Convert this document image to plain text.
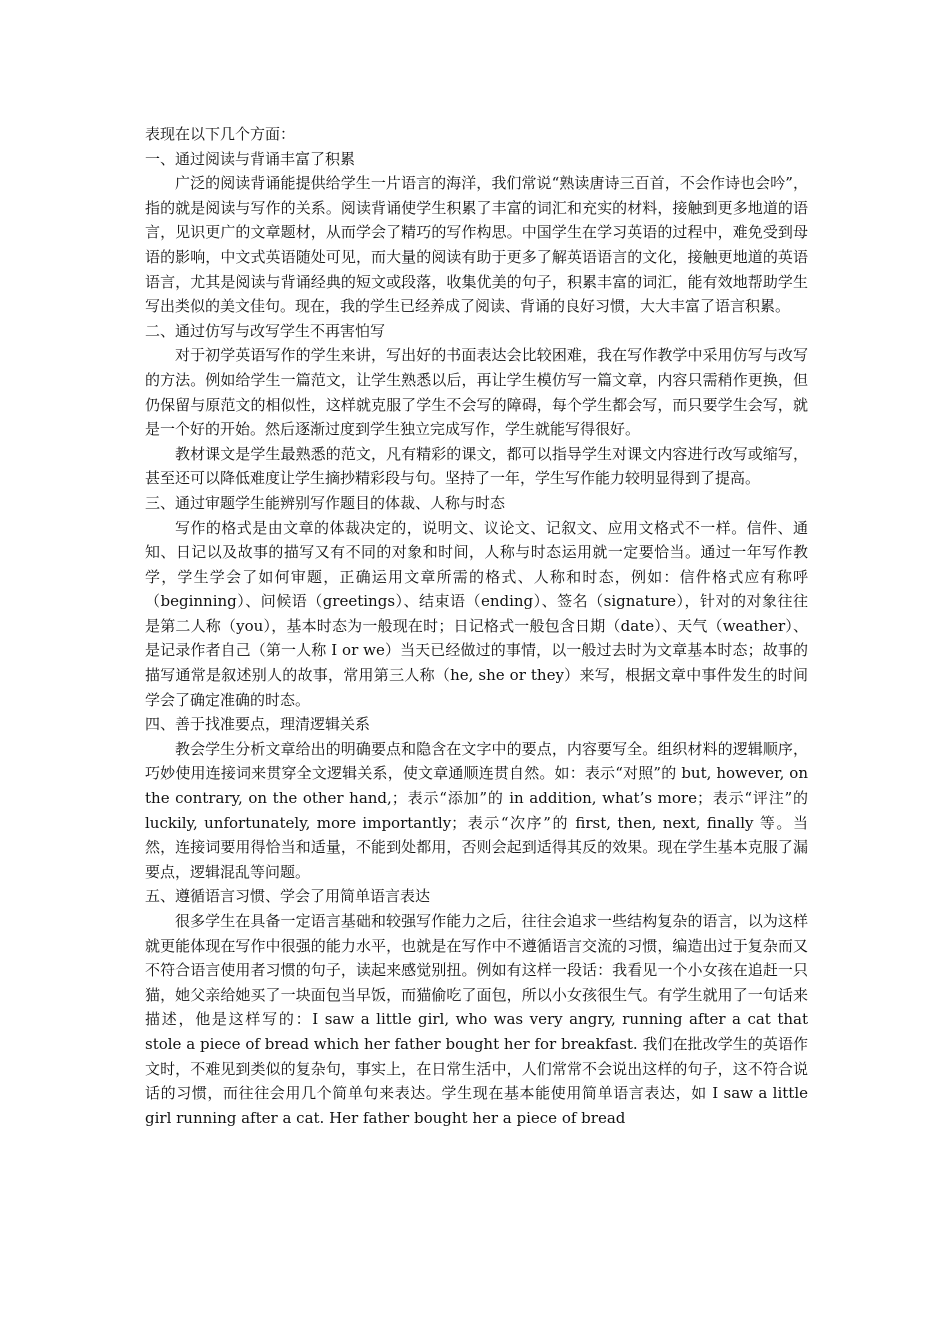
表现在以下几个方面：

一、通过阅读与背诵丰富了积累

广泛的阅读背诵能提供给学生一片语言的海洋，我们常说“熟读唐诗三百首，不会作诗也会吟”，指的就是阅读与写作的关系。阅读背诵使学生积累了丰富的词汇和充实的材料，接触到更多地道的语言，见识更广的文章题材，从而学会了精巧的写作构思。中国学生在学习英语的过程中，难免受到母语的影响，中文式英语随处可见，而大量的阅读有助于更多了解英语语言的文化，接触更地道的英语语言，尤其是阅读与背诵经典的短文或段落，收集优美的句子，积累丰富的词汇，能有效地帮助学生写出类似的美文佳句。现在，我的学生已经养成了阅读、背诵的良好习惯，大大丰富了语言积累。

二、通过仿写与改写学生不再害怕写

对于初学英语写作的学生来讲，写出好的书面表达会比较困难，我在写作教学中采用仿写与改写的方法。例如给学生一篇范文，让学生熟悉以后，再让学生模仿写一篇文章，内容只需稍作更换，但仍保留与原范文的相似性，这样就克服了学生不会写的障碍，每个学生都会写，而只要学生会写，就是一个好的开始。然后逐渐过度到学生独立完成写作，学生就能写得很好。

教材课文是学生最熟悉的范文，凡有精彩的课文，都可以指导学生对课文内容进行改写或缩写，甚至还可以降低难度让学生摘抄精彩段与句。坚持了一年，学生写作能力较明显得到了提高。

三、通过审题学生能辨别写作题目的体裁、人称与时态

写作的格式是由文章的体裁决定的，说明文、议论文、记叙文、应用文格式不一样。信件、通知、日记以及故事的描写又有不同的对象和时间，人称与时态运用就一定要恰当。通过一年写作教学，学生学会了如何审题，正确运用文章所需的格式、人称和时态，例如：信件格式应有称呼（beginning）、问候语（greetings）、结束语（ending）、签名（signature），针对的对象往往是第二人称（you），基本时态为一般现在时；日记格式一般包含日期（date）、天气（weather）、是记录作者自己（第一人称 I or we）当天已经做过的事情，以一般过去时为文章基本时态；故事的描写通常是叙述别人的故事，常用第三人称（he, she or they）来写，根据文章中事件发生的时间学会了确定准确的时态。

四、善于找准要点，理清逻辑关系

教会学生分析文章给出的明确要点和隐含在文字中的要点，内容要写全。组织材料的逻辑顺序，巧妙使用连接词来贯穿全文逻辑关系，使文章通顺连贯自然。如：表示“对照”的 but, however, on the contrary, on the other hand,；表示“添加”的 in addition, what’s more；表示“评注”的 luckily, unfortunately, more importantly；表示“次序”的 first, then, next, finally 等。当然，连接词要用得恰当和适量，不能到处都用，否则会起到适得其反的效果。现在学生基本克服了漏要点，逻辑混乱等问题。

五、遵循语言习惯、学会了用简单语言表达

很多学生在具备一定语言基础和较强写作能力之后，往往会追求一些结构复杂的语言，以为这样就更能体现在写作中很强的能力水平，也就是在写作中不遵循语言交流的习惯，编造出过于复杂而又不符合语言使用者习惯的句子，读起来感觉别扭。例如有这样一段话：我看见一个小女孩在追赶一只猫，她父亲给她买了一块面包当早饭，而猫偷吃了面包，所以小女孩很生气。有学生就用了一句话来描述，他是这样写的：I saw a little girl, who was very angry, running after a cat that stole a piece of bread which her father bought her for breakfast. 我们在批改学生的英语作文时，不难见到类似的复杂句，事实上，在日常生活中，人们常常不会说出这样的句子，这不符合说话的习惯，而往往会用几个简单句来表达。学生现在基本能使用简单语言表达，如 I saw a little girl running after a cat. Her father bought her a piece of bread
